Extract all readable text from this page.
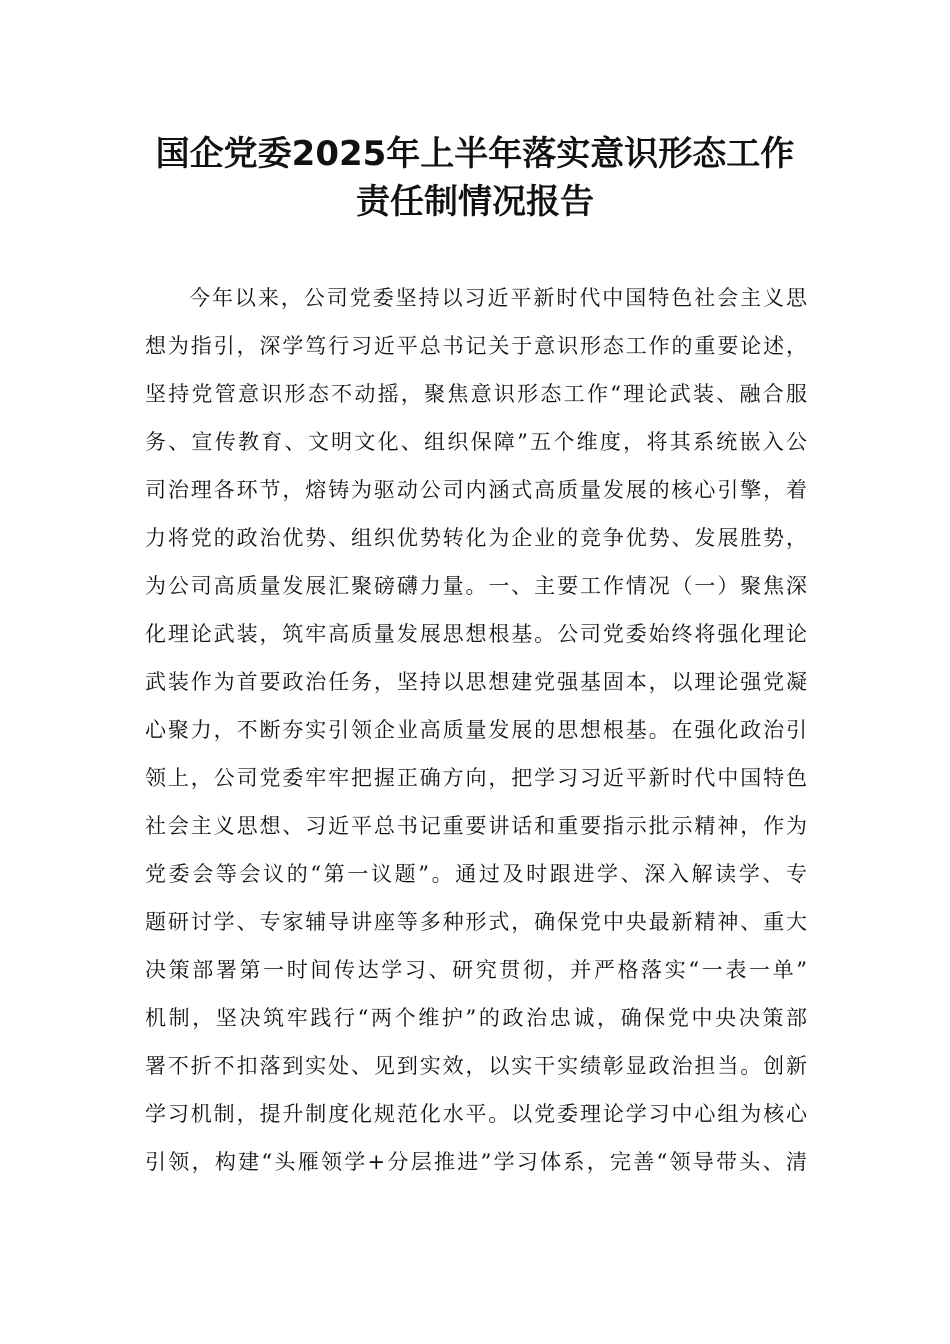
国企党委2025年上半年落实意识形态工作
责任制情况报告
今年以来，公司党委坚持以习近平新时代中国特色社会主义思
想为指引，深学笃行习近平总书记关于意识形态工作的重要论述，
坚持党管意识形态不动摇，聚焦意识形态工作“理论武装、融合服
务、宣传教育、文明文化、组织保障”五个维度，将其系统嵌入公
司治理各环节，熔铸为驱动公司内涵式高质量发展的核心引擎，着
力将党的政治优势、组织优势转化为企业的竞争优势、发展胜势，
为公司高质量发展汇聚磅礴力量。一、主要工作情况（一）聚焦深
化理论武装，筑牢高质量发展思想根基。公司党委始终将强化理论
武装作为首要政治任务，坚持以思想建党强基固本，以理论强党凝
心聚力，不断夯实引领企业高质量发展的思想根基。在强化政治引
领上，公司党委牢牢把握正确方向，把学习习近平新时代中国特色
社会主义思想、习近平总书记重要讲话和重要指示批示精神，作为
党委会等会议的“第一议题”。通过及时跟进学、深入解读学、专
题研讨学、专家辅导讲座等多种形式，确保党中央最新精神、重大
决策部署第一时间传达学习、研究贯彻，并严格落实“一表一单”
机制，坚决筑牢践行“两个维护”的政治忠诚，确保党中央决策部
署不折不扣落到实处、见到实效，以实干实绩彰显政治担当。创新
学习机制，提升制度化规范化水平。以党委理论学习中心组为核心
引领，构建“头雁领学+分层推进”学习体系，完善“领导带头、清
